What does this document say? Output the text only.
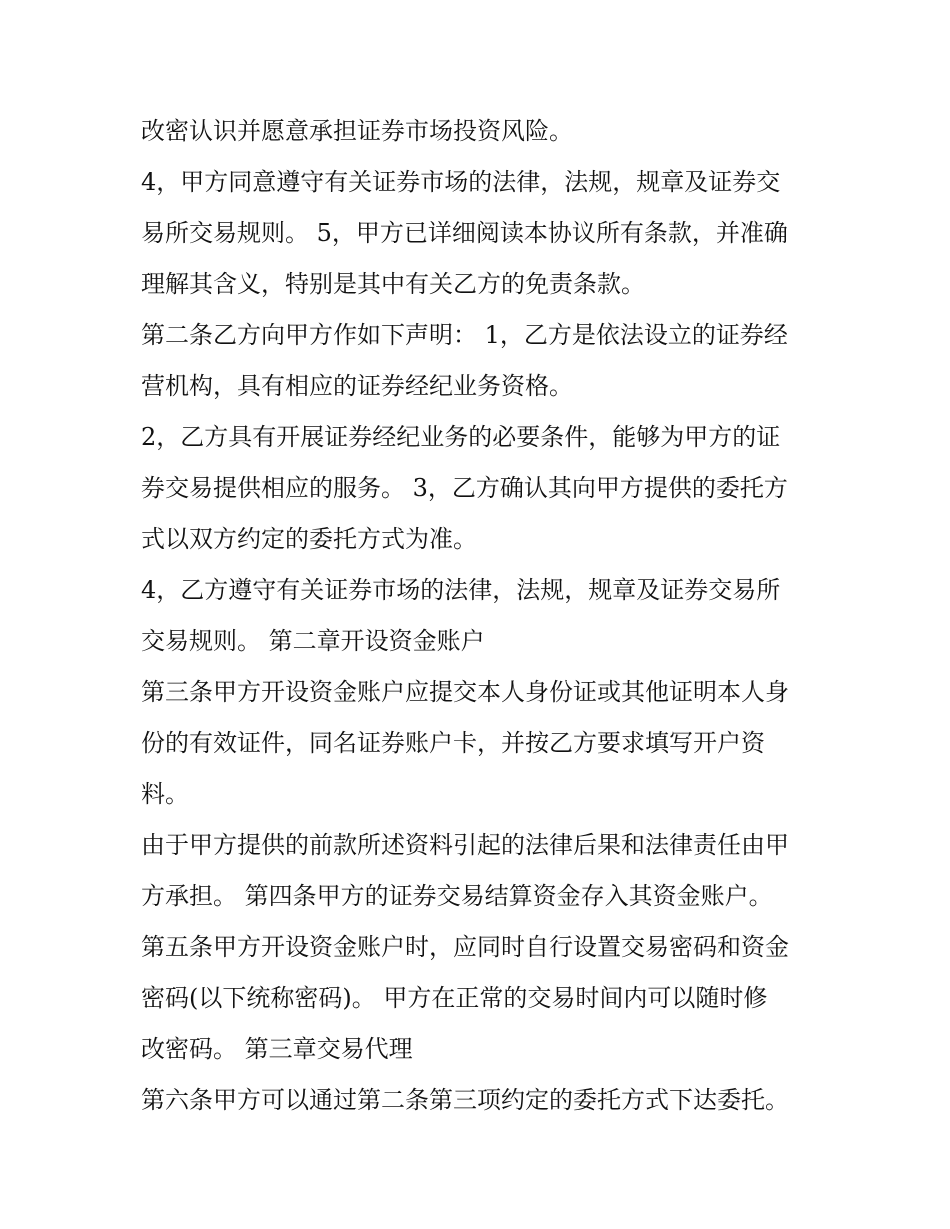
改密认识并愿意承担证券市场投资风险。

4，甲方同意遵守有关证券市场的法律，法规，规章及证券交

易所交易规则。 5，甲方已详细阅读本协议所有条款，并准确

理解其含义，特别是其中有关乙方的免责条款。

第二条乙方向甲方作如下声明： 1，乙方是依法设立的证券经

营机构，具有相应的证券经纪业务资格。

2，乙方具有开展证券经纪业务的必要条件，能够为甲方的证

券交易提供相应的服务。 3，乙方确认其向甲方提供的委托方

式以双方约定的委托方式为准。

4，乙方遵守有关证券市场的法律，法规，规章及证券交易所

交易规则。 第二章开设资金账户

第三条甲方开设资金账户应提交本人身份证或其他证明本人身

份的有效证件，同名证券账户卡，并按乙方要求填写开户资

料。

由于甲方提供的前款所述资料引起的法律后果和法律责任由甲

方承担。 第四条甲方的证券交易结算资金存入其资金账户。

第五条甲方开设资金账户时，应同时自行设置交易密码和资金

密码(以下统称密码)。 甲方在正常的交易时间内可以随时修

改密码。 第三章交易代理

第六条甲方可以通过第二条第三项约定的委托方式下达委托。
